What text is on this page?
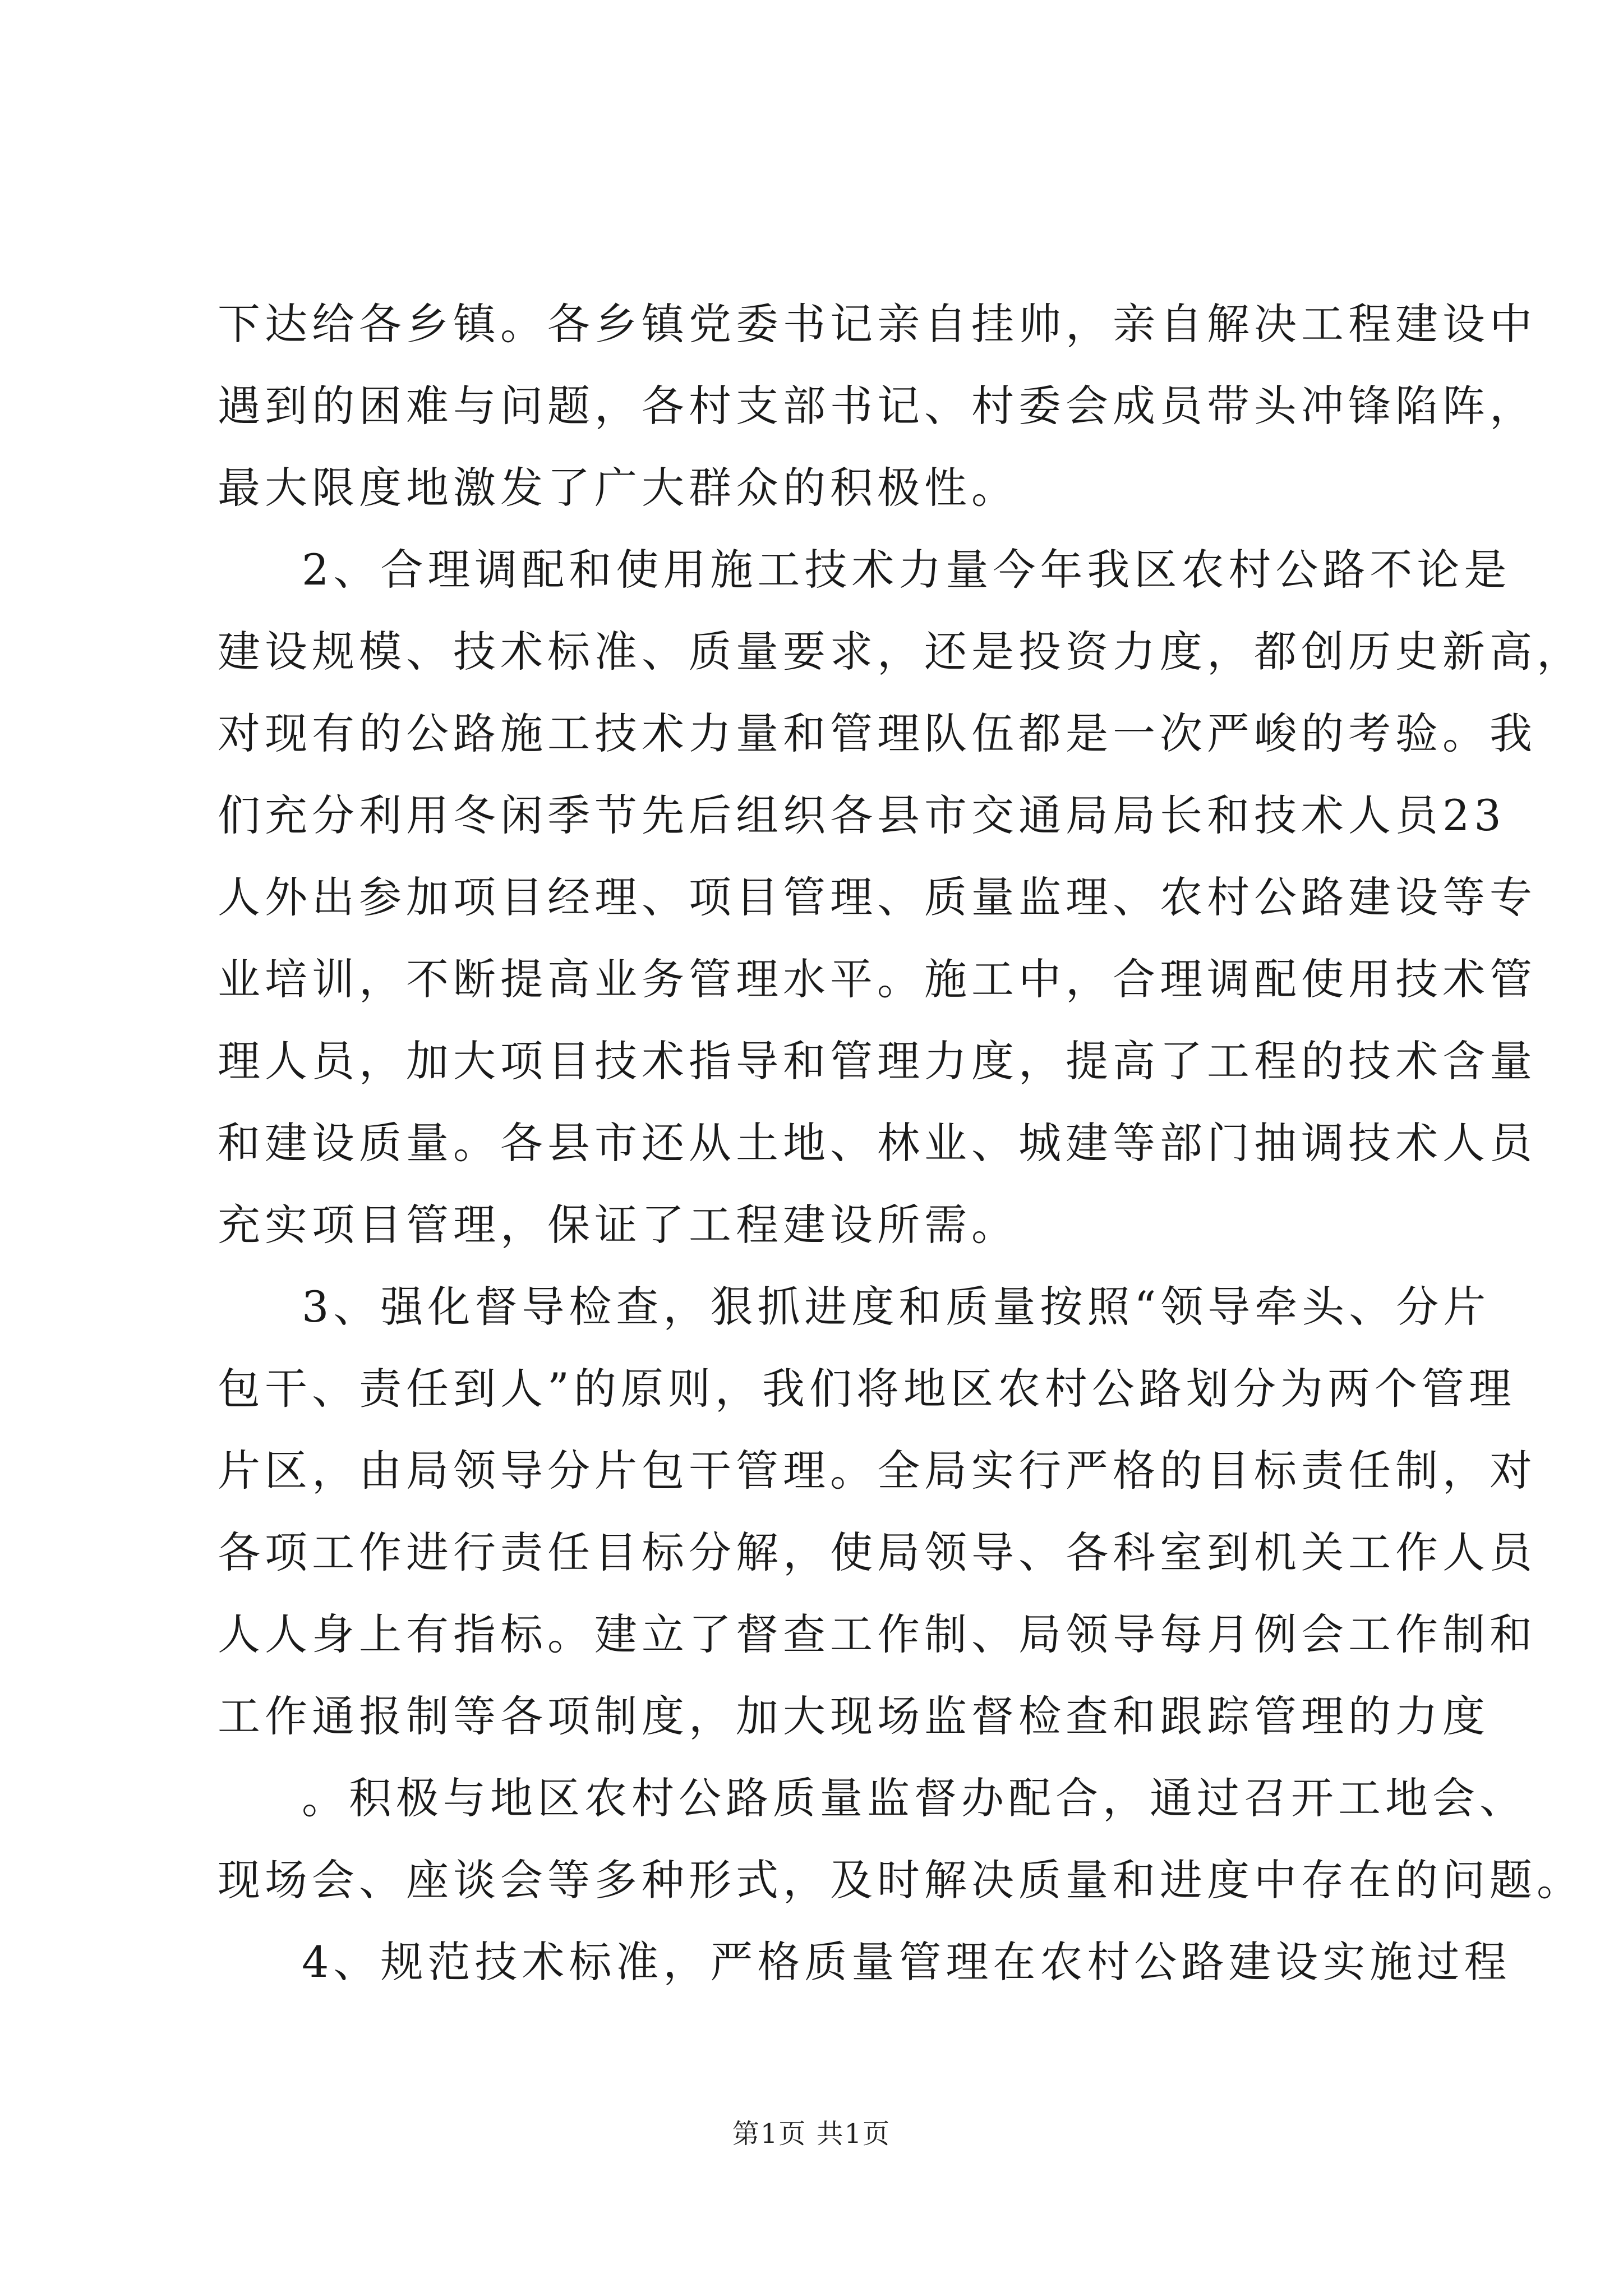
下达给各乡镇。各乡镇党委书记亲自挂帅，亲自解决工程建设中
遇到的困难与问题，各村支部书记、村委会成员带头冲锋陷阵，
最大限度地激发了广大群众的积极性。
2、合理调配和使用施工技术力量今年我区农村公路不论是
建设规模、技术标准、质量要求，还是投资力度，都创历史新高，
对现有的公路施工技术力量和管理队伍都是一次严峻的考验。我
们充分利用冬闲季节先后组织各县市交通局局长和技术人员23
人外出参加项目经理、项目管理、质量监理、农村公路建设等专
业培训，不断提高业务管理水平。施工中，合理调配使用技术管
理人员，加大项目技术指导和管理力度，提高了工程的技术含量
和建设质量。各县市还从土地、林业、城建等部门抽调技术人员
充实项目管理，保证了工程建设所需。
3、强化督导检查，狠抓进度和质量按照“领导牵头、分片
包干、责任到人”的原则，我们将地区农村公路划分为两个管理
片区，由局领导分片包干管理。全局实行严格的目标责任制，对
各项工作进行责任目标分解，使局领导、各科室到机关工作人员
人人身上有指标。建立了督查工作制、局领导每月例会工作制和
工作通报制等各项制度，加大现场监督检查和跟踪管理的力度
。积极与地区农村公路质量监督办配合，通过召开工地会、
现场会、座谈会等多种形式，及时解决质量和进度中存在的问题。
4、规范技术标准，严格质量管理在农村公路建设实施过程
第1页 共1页
